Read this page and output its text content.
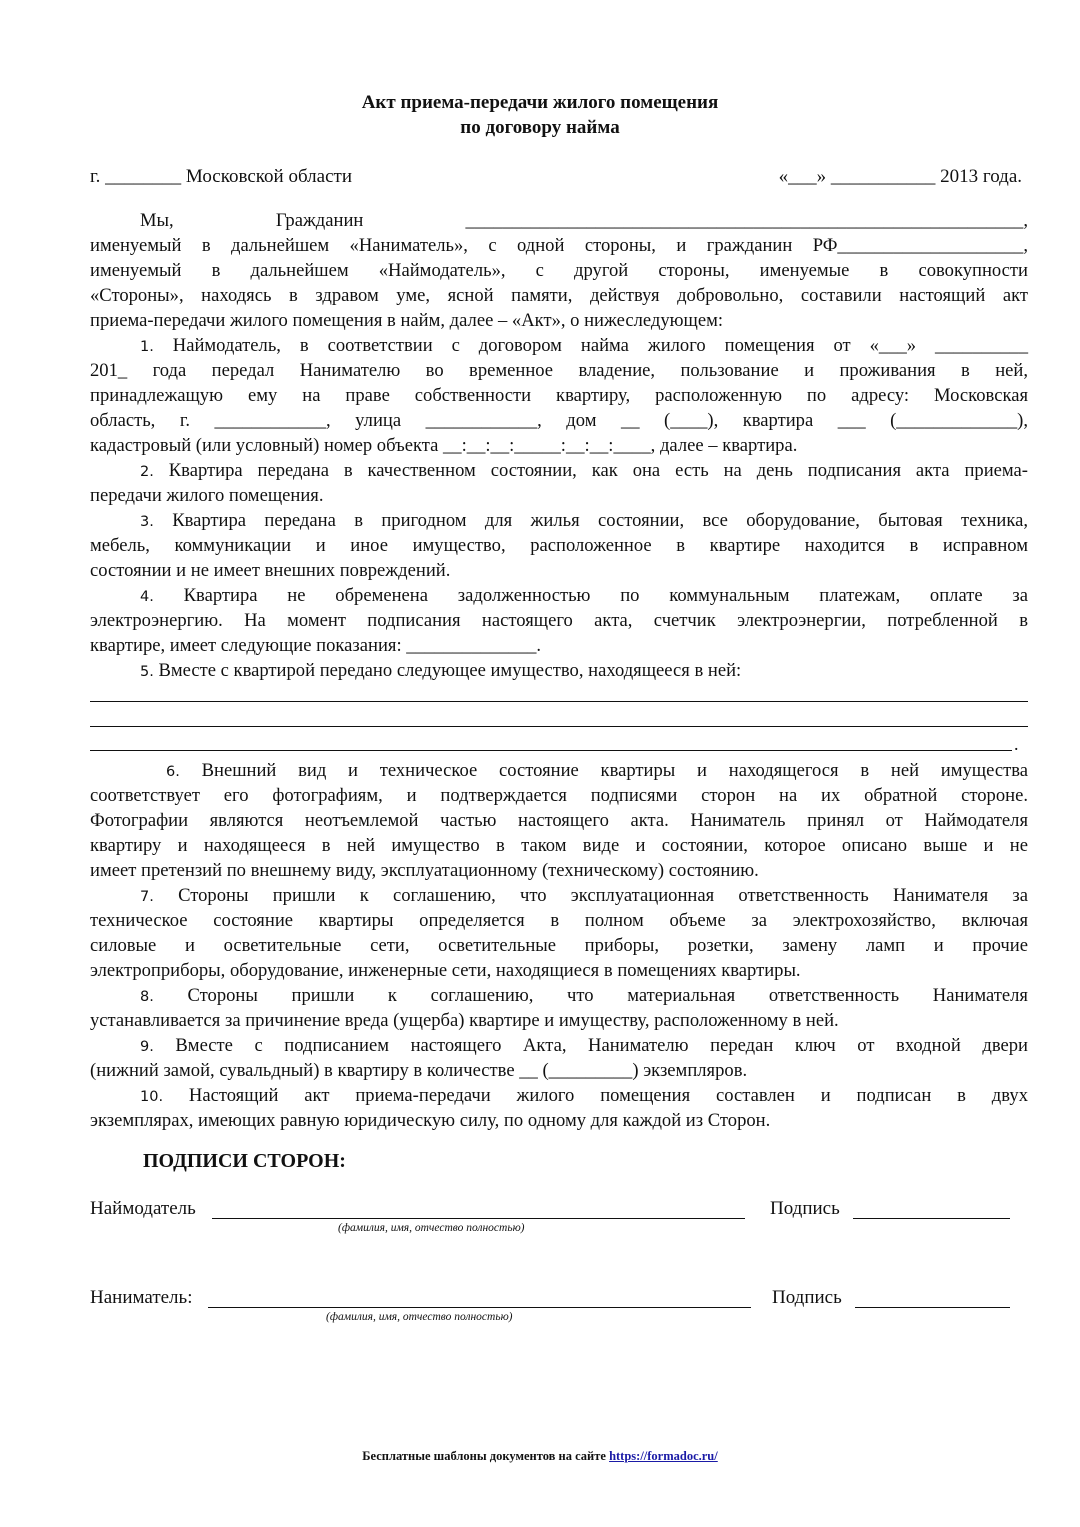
Акт приема-передачи жилого помещения
по договору найма
г. ________ Московской области	«___» ___________ 2013 года.
Мы, Гражданин ____________________________________________________________,
именуемый в дальнейшем «Наниматель», с одной стороны, и гражданин РФ____________________,
именуемый в дальнейшем «Наймодатель», с другой стороны, именуемые в совокупности
«Стороны», находясь в здравом уме, ясной памяти, действуя добровольно, составили настоящий акт
приема-передачи жилого помещения в найм, далее – «Акт», о нижеследующем:
1. Наймодатель, в соответствии с договором найма жилого помещения от «___» __________
201_ года передал Нанимателю во временное владение, пользование и проживания в ней,
принадлежащую ему на праве собственности квартиру, расположенную по адресу: Московская
область, г. ____________, улица ____________, дом __ (____), квартира ___ (_____________),
кадастровый (или условный) номер объекта __:__:__:_____:__:__:____, далее – квартира.
2. Квартира передана в качественном состоянии, как она есть на день подписания акта приема-
передачи жилого помещения.
3. Квартира передана в пригодном для жилья состоянии, все оборудование, бытовая техника,
мебель, коммуникации и иное имущество, расположенное в квартире находится в исправном
состоянии и не имеет внешних повреждений.
4. Квартира не обременена задолженностью по коммунальным платежам, оплате за
электроэнергию. На момент подписания настоящего акта, счетчик электроэнергии, потребленной в
квартире, имеет следующие показания: ______________.
5. Вместе с квартирой передано следующее имущество, находящееся в ней:
.
6. Внешний вид и техническое состояние квартиры и находящегося в ней имущества
соответствует его фотографиям, и подтверждается подписями сторон на их обратной стороне.
Фотографии являются неотъемлемой частью настоящего акта. Наниматель принял от Наймодателя
квартиру и находящееся в ней имущество в таком виде и состоянии, которое описано выше и не
имеет претензий по внешнему виду, эксплуатационному (техническому) состоянию.
7. Стороны пришли к соглашению, что эксплуатационная ответственность Нанимателя за
техническое состояние квартиры определяется в полном объеме за электрохозяйство, включая
силовые и осветительные сети, осветительные приборы, розетки, замену ламп и прочие
электроприборы, оборудование, инженерные сети, находящиеся в помещениях квартиры.
8. Стороны пришли к соглашению, что материальная ответственность Нанимателя
устанавливается за причинение вреда (ущерба) квартире и имуществу, расположенному в ней.
9. Вместе с подписанием настоящего Акта, Нанимателю передан ключ от входной двери
(нижний замой, сувальдный) в квартиру в количестве __ (_________) экземпляров.
10. Настоящий акт приема-передачи жилого помещения составлен и подписан в двух
экземплярах, имеющих равную юридическую силу, по одному для каждой из Сторон.
ПОДПИСИ СТОРОН:
Наймодатель
(фамилия, имя, отчество полностью)
Подпись
Наниматель:
(фамилия, имя, отчество полностью)
Подпись
Бесплатные шаблоны документов на сайте https://formadoc.ru/
